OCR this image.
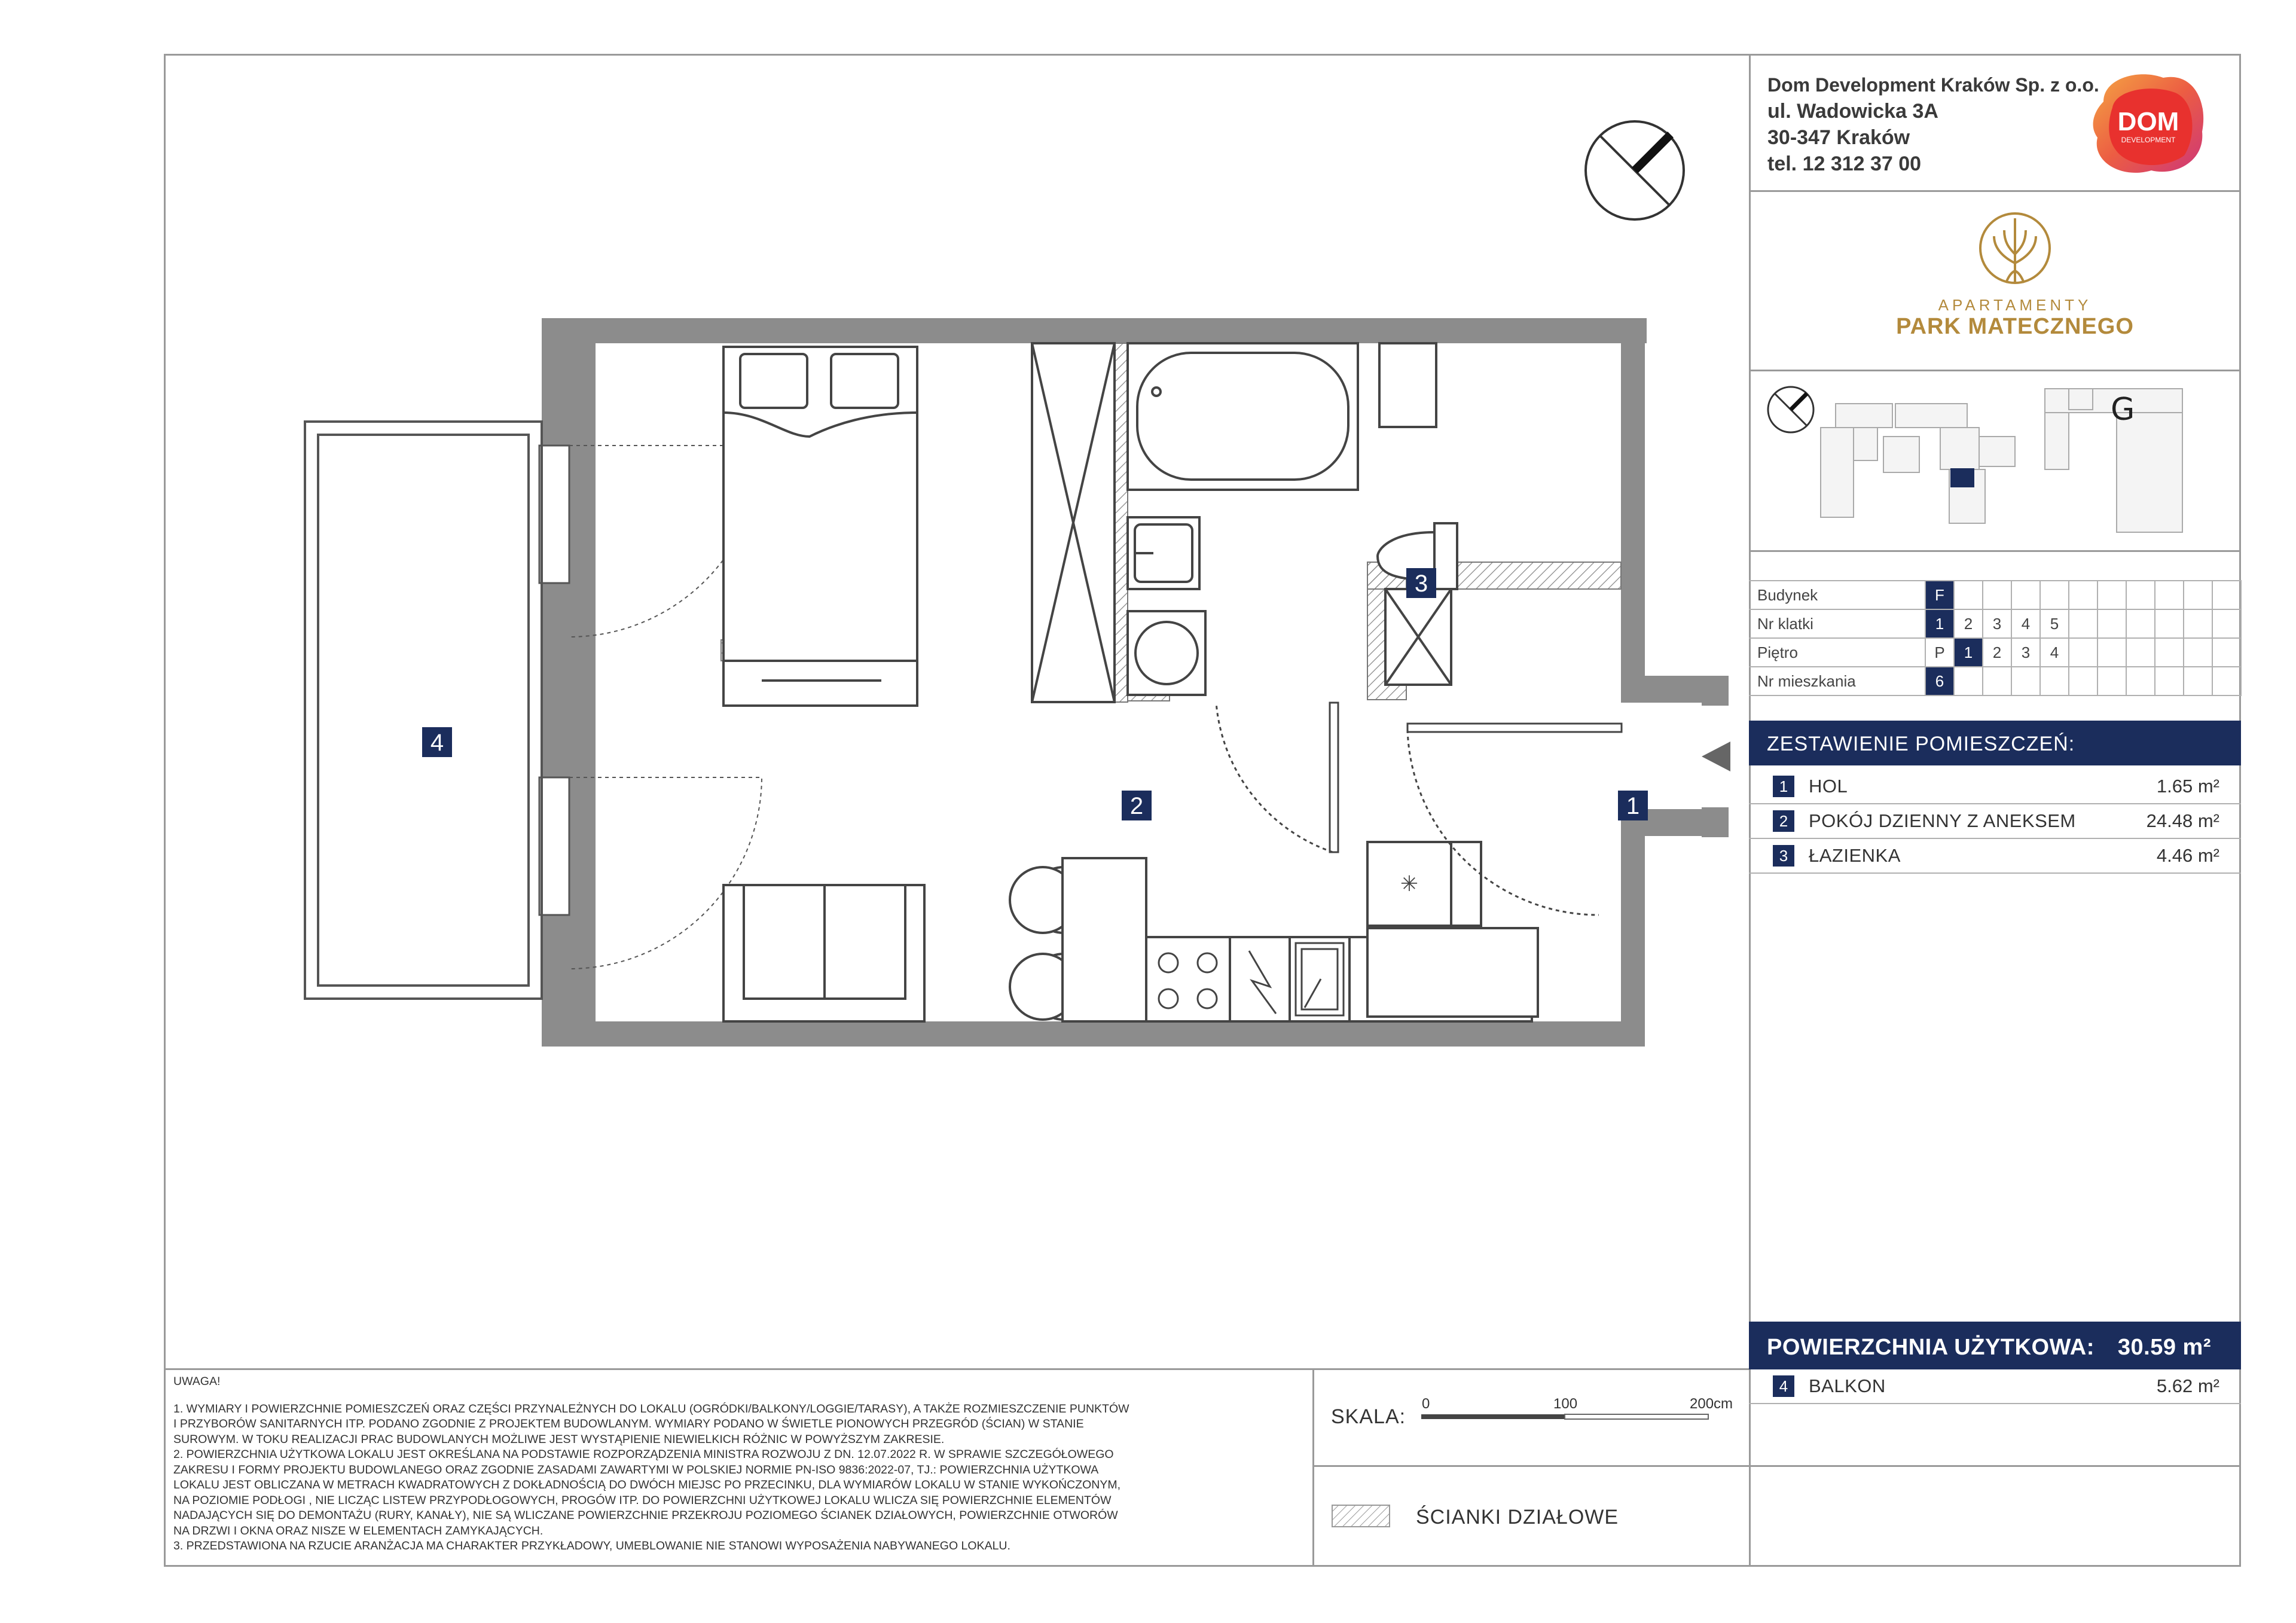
Dom Development Kraków Sp. z o.o.
ul. Wadowicka 3A
30-347 Kraków
tel. 12 312 37 00
DOM
DEVELOPMENT
APARTAMENTY
PARK MATECZNEGO
G
Budynek	F										
Nr klatki	1	2	3	4	5						
Piętro	P	1	2	3	4						
Nr mieszkania	6										
ZESTAWIENIE POMIESZCZEŃ:
1	HOL	1.65 m²
2	POKÓJ DZIENNY Z ANEKSEM	24.48 m²
3	ŁAZIENKA	4.46 m²
POWIERZCHNIA UŻYTKOWA: 30.59 m²
4	BALKON	5.62 m²

UWAGA!

1. WYMIARY I POWIERZCHNIE POMIESZCZEŃ ORAZ CZĘŚCI PRZYNALEŻNYCH DO LOKALU (OGRÓDKI/BALKONY/LOGGIE/TARASY), A TAKŻE ROZMIESZCZENIE PUNKTÓW

I PRZYBORÓW SANITARNYCH ITP. PODANO ZGODNIE Z PROJEKTEM BUDOWLANYM. WYMIARY PODANO W ŚWIETLE PIONOWYCH PRZEGRÓD (ŚCIAN) W STANIE

SUROWYM. W TOKU REALIZACJI PRAC BUDOWLANYCH MOŻLIWE JEST WYSTĄPIENIE NIEWIELKICH RÓŻNIC W POWYŻSZYM ZAKRESIE.

2. POWIERZCHNIA UŻYTKOWA LOKALU JEST OKREŚLANA NA PODSTAWIE ROZPORZĄDZENIA MINISTRA ROZWOJU Z DN. 12.07.2022 R. W SPRAWIE SZCZEGÓŁOWEGO

ZAKRESU I FORMY PROJEKTU BUDOWLANEGO ORAZ ZGODNIE ZASADAMI ZAWARTYMI W POLSKIEJ NORMIE PN-ISO 9836:2022-07, TJ.: POWIERZCHNIA UŻYTKOWA

LOKALU JEST OBLICZANA W METRACH KWADRATOWYCH Z DOKŁADNOŚCIĄ DO DWÓCH MIEJSC PO PRZECINKU, DLA WYMIARÓW LOKALU W STANIE WYKOŃCZONYM,

NA POZIOMIE PODŁOGI , NIE LICZĄC LISTEW PRZYPODŁOGOWYCH, PROGÓW ITP. DO POWIERZCHNI UŻYTKOWEJ LOKALU WLICZA SIĘ POWIERZCHNIE ELEMENTÓW

NADAJĄCYCH SIĘ DO DEMONTAŻU (RURY, KANAŁY), NIE SĄ WLICZANE POWIERZCHNIE PRZEKROJU POZIOMEGO ŚCIANEK DZIAŁOWYCH, POWIERZCHNIE OTWORÓW

NA DRZWI I OKNA ORAZ NISZE W ELEMENTACH ZAMYKAJĄCYCH.

3. PRZEDSTAWIONA NA RZUCIE ARANŻACJA MA CHARAKTER PRZYKŁADOWY, UMEBLOWANIE NIE STANOWI WYPOSAŻENIA NABYWANEGO LOKALU.

SKALA:
0	100	200cm
ŚCIANKI DZIAŁOWE
✳
2
3
1
4
